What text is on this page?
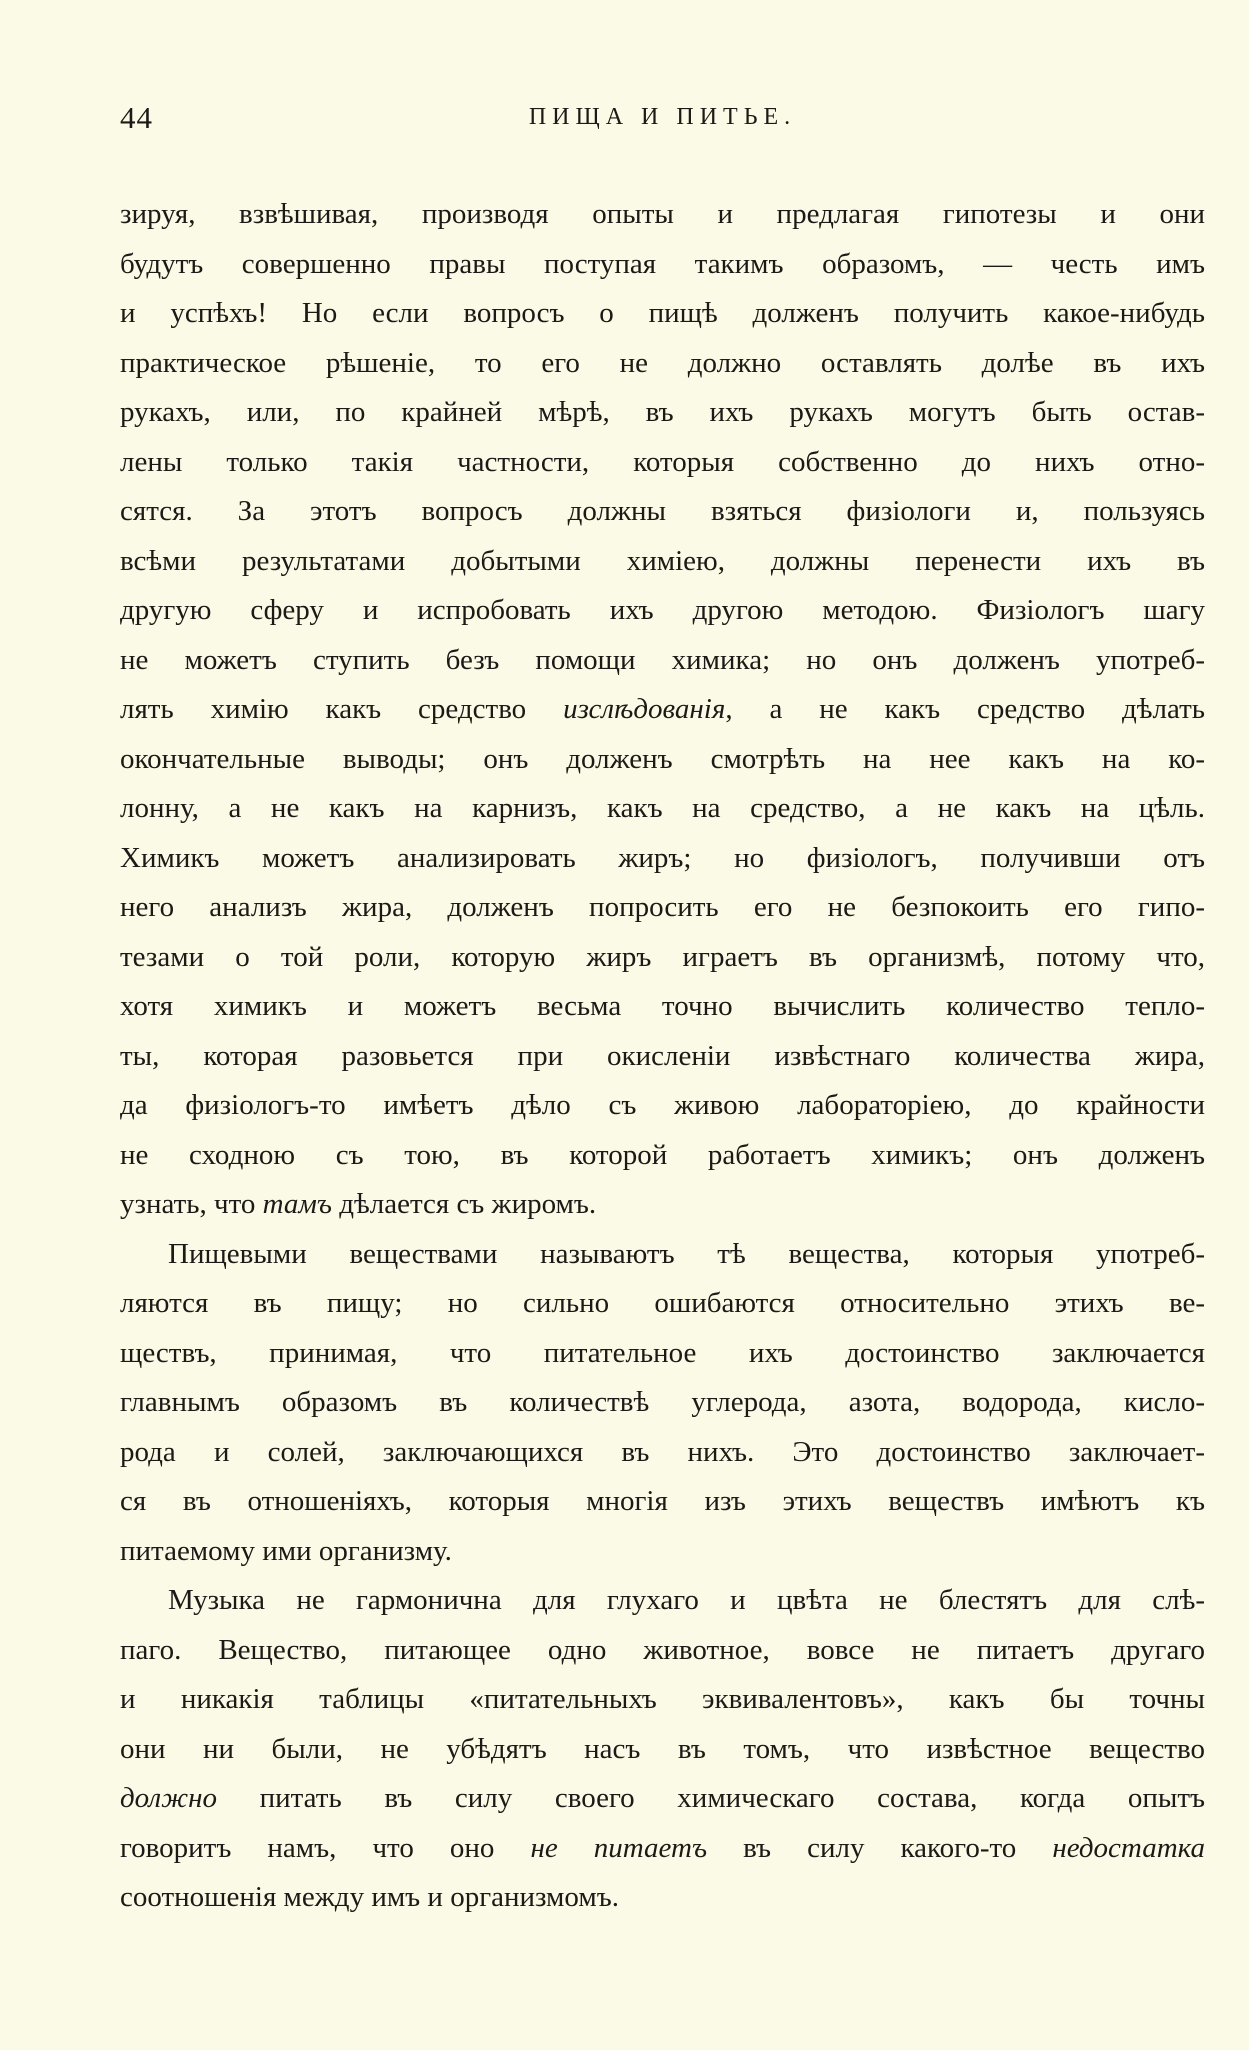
44	ПИЩА И ПИТЬЕ.
зируя, взвѣшивая, производя опыты и предлагая гипотезы и они
будутъ совершенно правы поступая такимъ образомъ, — честь имъ
и успѣхъ! Но если вопросъ о пищѣ долженъ получить какое-нибудь
практическое рѣшеніе, то его не должно оставлять долѣе въ ихъ
рукахъ, или, по крайней мѣрѣ, въ ихъ рукахъ могутъ быть остав-
лены только такія частности, которыя собственно до нихъ отно-
сятся. За этотъ вопросъ должны взяться физіологи и, пользуясь
всѣми результатами добытыми химіею, должны перенести ихъ въ
другую сферу и испробовать ихъ другою методою. Физіологъ шагу
не можетъ ступить безъ помощи химика; но онъ долженъ употреб-
лять химію какъ средство изслѣдованія, а не какъ средство дѣлать
окончательные выводы; онъ долженъ смотрѣть на нее какъ на ко-
лонну, а не какъ на карнизъ, какъ на средство, а не какъ на цѣль.
Химикъ можетъ анализировать жиръ; но физіологъ, получивши отъ
него анализъ жира, долженъ попросить его не безпокоить его гипо-
тезами о той роли, которую жиръ играетъ въ организмѣ, потому что,
хотя химикъ и можетъ весьма точно вычислить количество тепло-
ты, которая разовьется при окисленіи извѣстнаго количества жира,
да физіологъ-то имѣетъ дѣло съ живою лабораторіею, до крайности
не сходною съ тою, въ которой работаетъ химикъ; онъ долженъ
узнать, что тамъ дѣлается съ жиромъ.
Пищевыми веществами называютъ тѣ вещества, которыя употреб-
ляются въ пищу; но сильно ошибаются относительно этихъ ве-
ществъ, принимая, что питательное ихъ достоинство заключается
главнымъ образомъ въ количествѣ углерода, азота, водорода, кисло-
рода и солей, заключающихся въ нихъ. Это достоинство заключает-
ся въ отношеніяхъ, которыя многія изъ этихъ веществъ имѣютъ къ
питаемому ими организму.
Музыка не гармонична для глухаго и цвѣта не блестятъ для слѣ-
паго. Вещество, питающее одно животное, вовсе не питаетъ другаго
и никакія таблицы «питательныхъ эквивалентовъ», какъ бы точны
они ни были, не убѣдятъ насъ въ томъ, что извѣстное вещество
должно питать въ силу своего химическаго состава, когда опытъ
говоритъ намъ, что оно не питаетъ въ силу какого-то недостатка
соотношенія между имъ и организмомъ.
